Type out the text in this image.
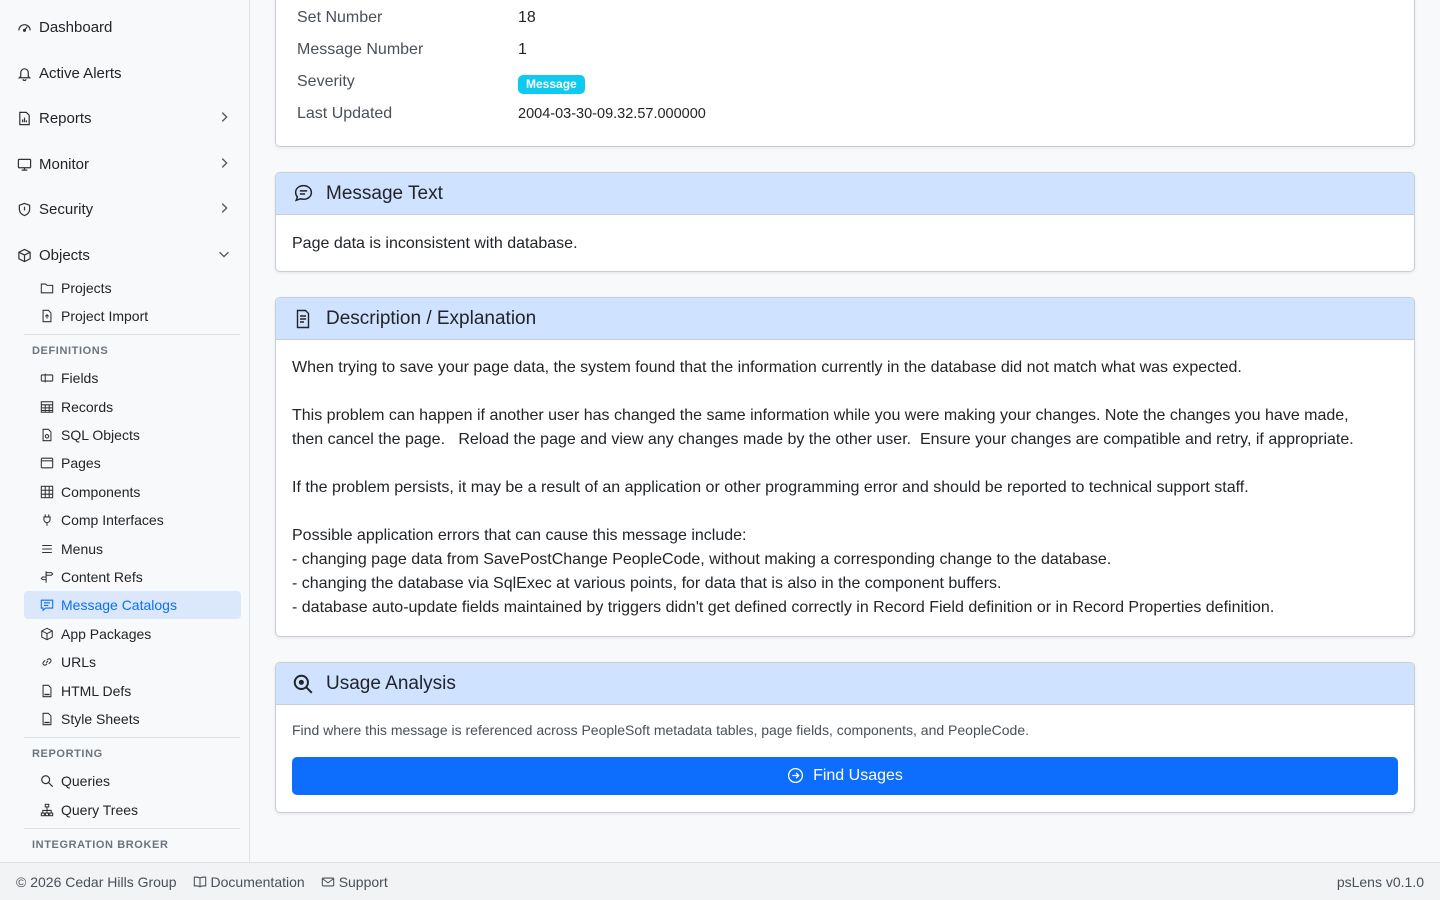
Dashboard
Active Alerts
Reports
Monitor
Security
Objects
Projects
Project Import
DEFINITIONS
Fields
Records
SQL Objects
Pages
Components
Comp Interfaces
Menus
Content Refs
Message Catalogs
App Packages
URLs
HTML Defs
Style Sheets
REPORTING
Queries
Query Trees
INTEGRATION BROKER
Set Number	18
Message Number	1
Severity	Message
Last Updated	2004-03-30-09.32.57.000000
Message Text
Page data is inconsistent with database.
Description / Explanation
When trying to save your page data, the system found that the information currently in the database did not match what was expected.
This problem can happen if another user has changed the same information while you were making your changes. Note the changes you have made,
then cancel the page.   Reload the page and view any changes made by the other user.  Ensure your changes are compatible and retry, if appropriate.
If the problem persists, it may be a result of an application or other programming error and should be reported to technical support staff.
Possible application errors that can cause this message include:
- changing page data from SavePostChange PeopleCode, without making a corresponding change to the database.
- changing the database via SqlExec at various points, for data that is also in the component buffers.
- database auto-update fields maintained by triggers didn't get defined correctly in Record Field definition or in Record Properties definition.
Usage Analysis
Find where this message is referenced across PeopleSoft metadata tables, page fields, components, and PeopleCode.
Find Usages
© 2026 Cedar Hills Group Documentation Support	psLens v0.1.0
